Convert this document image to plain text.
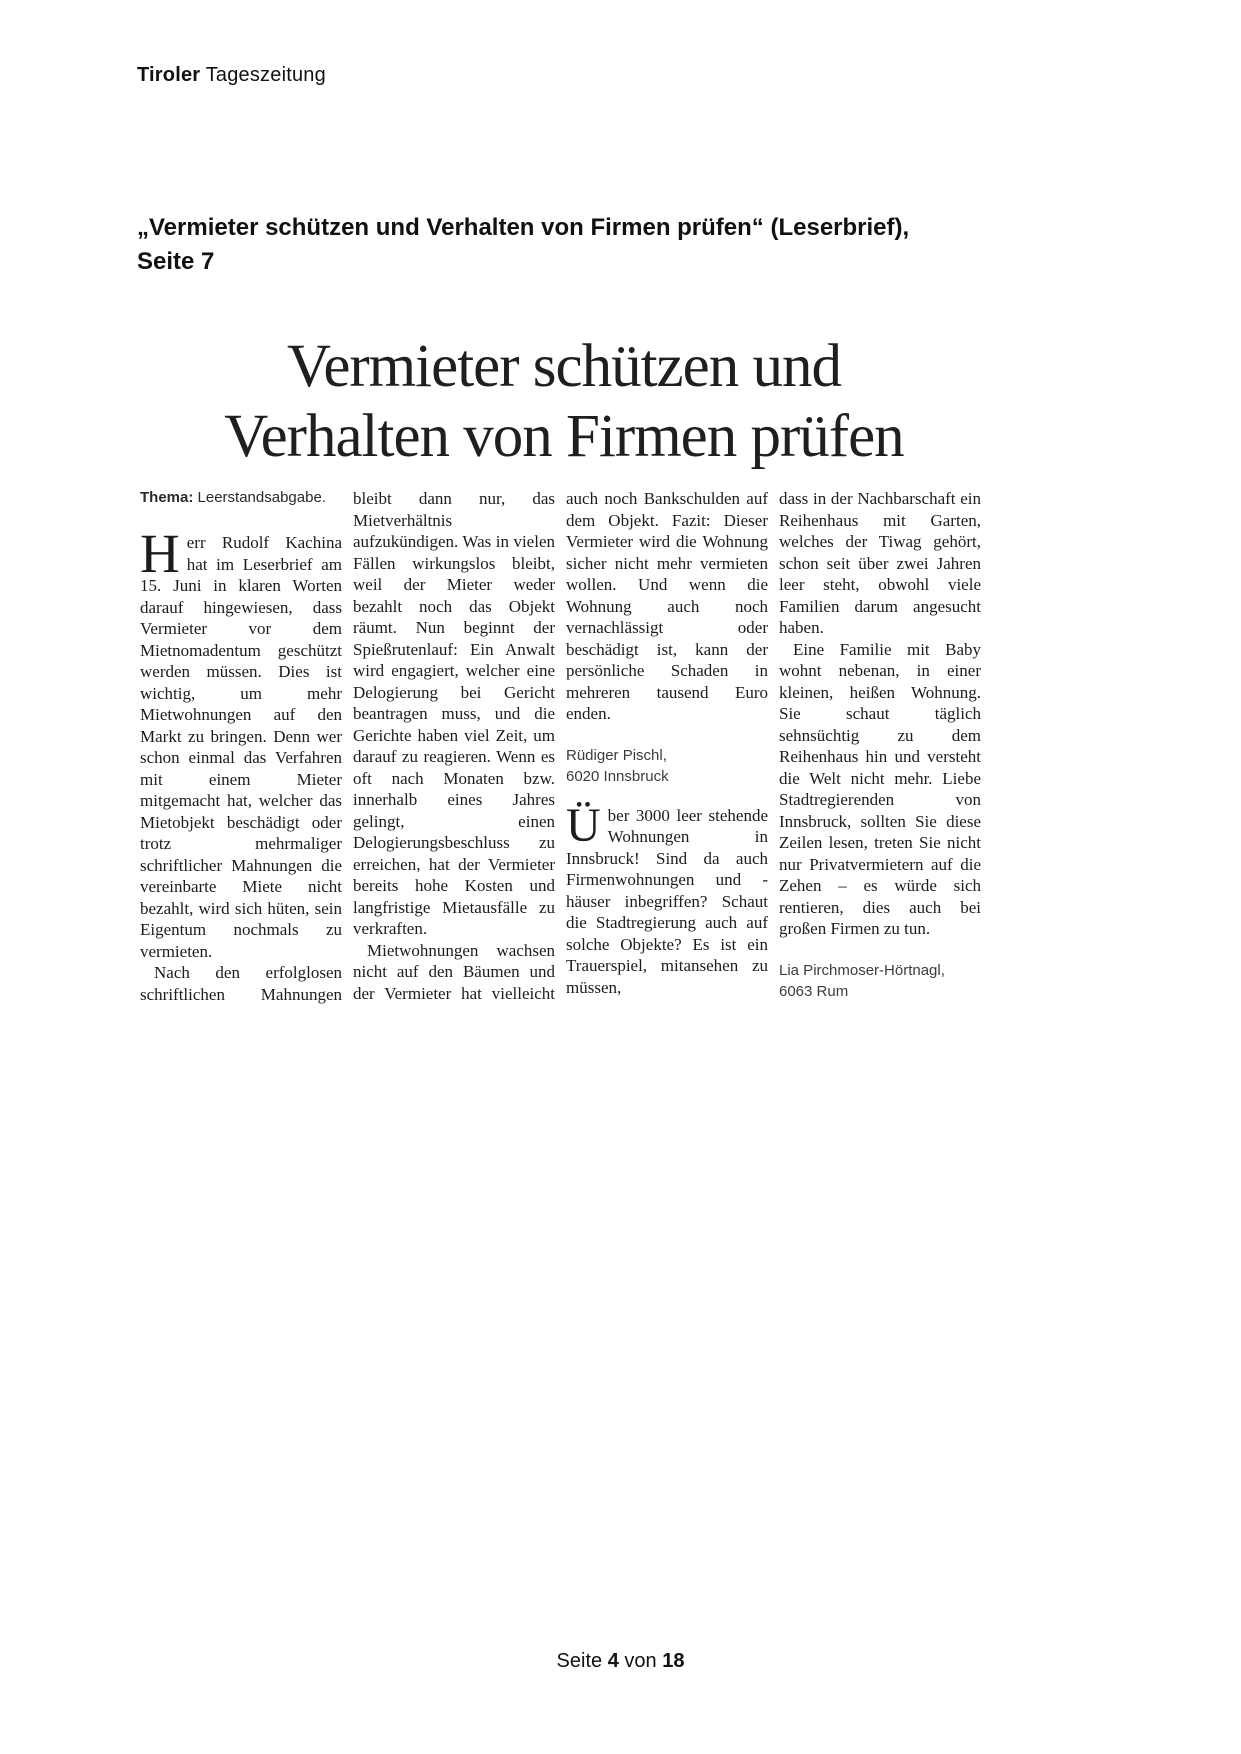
Tiroler Tageszeitung
„Vermieter schützen und Verhalten von Firmen prüfen“ (Leserbrief),
Seite 7
Vermieter schützen und
Verhalten von Firmen prüfen
Thema: Leerstandsabgabe.

Herr Rudolf Kachina hat im Leserbrief am 15. Juni in klaren Worten darauf hingewiesen, dass Vermieter vor dem Mietnomadentum geschützt werden müssen. Dies ist wichtig, um mehr Mietwohnungen auf den Markt zu bringen. Denn wer schon einmal das Verfahren mit einem Mieter mitgemacht hat, welcher das Mietobjekt beschädigt oder trotz mehrmaliger schriftlicher Mahnungen die vereinbarte Miete nicht bezahlt, wird sich hüten, sein Eigentum nochmals zu vermieten.

Nach den erfolglosen schriftlichen Mahnungen

bleibt dann nur, das Mietverhältnis aufzukündigen. Was in vielen Fällen wirkungslos bleibt, weil der Mieter weder bezahlt noch das Objekt räumt. Nun beginnt der Spießrutenlauf: Ein Anwalt wird engagiert, welcher eine Delogierung bei Gericht beantragen muss, und die Gerichte haben viel Zeit, um darauf zu reagieren. Wenn es oft nach Monaten bzw. innerhalb eines Jahres gelingt, einen Delogierungsbeschluss zu erreichen, hat der Vermieter bereits hohe Kosten und langfristige Mietausfälle zu verkraften.

Mietwohnungen wachsen nicht auf den Bäumen und der Vermieter hat vielleicht

auch noch Bankschulden auf dem Objekt. Fazit: Dieser Vermieter wird die Wohnung sicher nicht mehr vermieten wollen. Und wenn die Wohnung auch noch vernachlässigt oder beschädigt ist, kann der persönliche Schaden in mehreren tausend Euro enden.

Rüdiger Pischl,
6020 Innsbruck

Über 3000 leer stehende Wohnungen in Innsbruck! Sind da auch Firmenwohnungen und -häuser inbegriffen? Schaut die Stadtregierung auch auf solche Objekte? Es ist ein Trauerspiel, mitansehen zu müssen,

dass in der Nachbarschaft ein Reihenhaus mit Garten, welches der Tiwag gehört, schon seit über zwei Jahren leer steht, obwohl viele Familien darum angesucht haben.

Eine Familie mit Baby wohnt nebenan, in einer kleinen, heißen Wohnung. Sie schaut täglich sehnsüchtig zu dem Reihenhaus hin und versteht die Welt nicht mehr. Liebe Stadtregierenden von Innsbruck, sollten Sie diese Zeilen lesen, treten Sie nicht nur Privatvermietern auf die Zehen – es würde sich rentieren, dies auch bei großen Firmen zu tun.

Lia Pirchmoser-Hörtnagl,
6063 Rum
Seite 4 von 18
